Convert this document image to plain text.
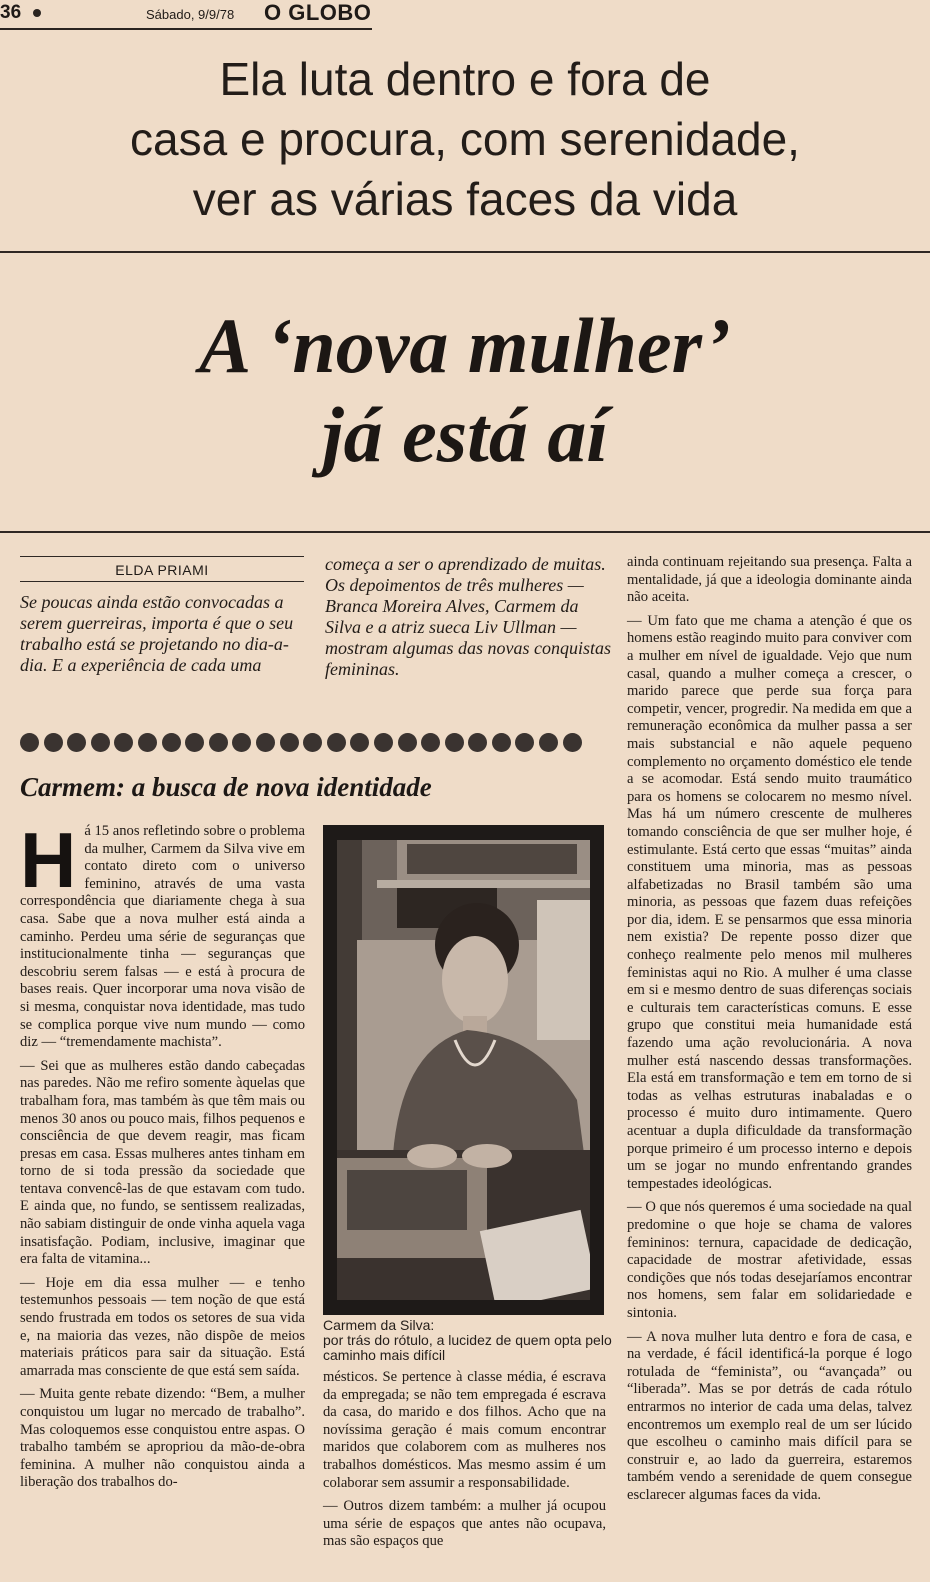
36	Sábado, 9/9/78 O GLOBO
Ela luta dentro e fora de
casa e procura, com serenidade,
ver as várias faces da vida
A ‘nova mulher’
já está aí
ELDA PRIAMI

Se poucas ainda estão convocadas a serem guerreiras, importa é que o seu trabalho está se projetando no dia-a-dia. E a experiência de cada uma

começa a ser o aprendizado de muitas. Os depoimentos de três mulheres — Branca Moreira Alves, Carmem da Silva e a atriz sueca Liv Ullman — mostram algumas das novas conquistas femininas.

Carmem: a busca de nova identidade

Há 15 anos refletindo sobre o problema da mulher, Carmem da Silva vive em contato direto com o universo feminino, através de uma vasta correspondência que diariamente chega à sua casa. Sabe que a nova mulher está ainda a caminho. Perdeu uma série de seguranças que institucionalmente tinha — seguranças que descobriu serem falsas — e está à procura de bases reais. Quer incorporar uma nova visão de si mesma, conquistar nova identidade, mas tudo se complica porque vive num mundo — como diz — “tremendamente machista”.

— Sei que as mulheres estão dando cabeçadas nas paredes. Não me refiro somente àquelas que trabalham fora, mas também às que têm mais ou menos 30 anos ou pouco mais, filhos pequenos e consciência de que devem reagir, mas ficam presas em casa. Essas mulheres antes tinham em torno de si toda pressão da sociedade que tentava convencê-las de que estavam com tudo. E ainda que, no fundo, se sentissem realizadas, não sabiam distinguir de onde vinha aquela vaga insatisfação. Podiam, inclusive, imaginar que era falta de vitamina...

— Hoje em dia essa mulher — e tenho testemunhos pessoais — tem noção de que está sendo frustrada em todos os setores de sua vida e, na maioria das vezes, não dispõe de meios materiais práticos para sair da situação. Está amarrada mas consciente de que está sem saída.

— Muita gente rebate dizendo: “Bem, a mulher conquistou um lugar no mercado de trabalho”. Mas coloquemos esse conquistou entre aspas. O trabalho também se apropriou da mão-de-obra feminina. A mulher não conquistou ainda a liberação dos trabalhos do-

Carmem da Silva:
por trás do rótulo, a lucidez de quem opta pelo caminho mais difícil

mésticos. Se pertence à classe média, é escrava da empregada; se não tem empregada é escrava da casa, do marido e dos filhos. Acho que na novíssima geração é mais comum encontrar maridos que colaborem com as mulheres nos trabalhos domésticos. Mas mesmo assim é um colaborar sem assumir a responsabilidade.

— Outros dizem também: a mulher já ocupou uma série de espaços que antes não ocupava, mas são espaços que

ainda continuam rejeitando sua presença. Falta a mentalidade, já que a ideologia dominante ainda não aceita.

— Um fato que me chama a atenção é que os homens estão reagindo muito para conviver com a mulher em nível de igualdade. Vejo que num casal, quando a mulher começa a crescer, o marido parece que perde sua força para competir, vencer, progredir. Na medida em que a remuneração econômica da mulher passa a ser mais substancial e não aquele pequeno complemento no orçamento doméstico ele tende a se acomodar. Está sendo muito traumático para os homens se colocarem no mesmo nível. Mas há um número crescente de mulheres tomando consciência de que ser mulher hoje, é estimulante. Está certo que essas “muitas” ainda constituem uma minoria, mas as pessoas alfabetizadas no Brasil também são uma minoria, as pessoas que fazem duas refeições por dia, idem. E se pensarmos que essa minoria nem existia? De repente posso dizer que conheço realmente pelo menos mil mulheres feministas aqui no Rio. A mulher é uma classe em si e mesmo dentro de suas diferenças sociais e culturais tem características comuns. E esse grupo que constitui meia humanidade está fazendo uma ação revolucionária. A nova mulher está nascendo dessas transformações. Ela está em transformação e tem em torno de si todas as velhas estruturas inabaladas e o processo é muito duro intimamente. Quero acentuar a dupla dificuldade da transformação porque primeiro é um processo interno e depois um se jogar no mundo enfrentando grandes tempestades ideológicas.

— O que nós queremos é uma sociedade na qual predomine o que hoje se chama de valores femininos: ternura, capacidade de dedicação, capacidade de mostrar afetividade, essas condições que nós todas desejaríamos encontrar nos homens, sem falar em solidariedade e sintonia.

— A nova mulher luta dentro e fora de casa, e na verdade, é fácil identificá-la porque é logo rotulada de “feminista”, ou “avançada” ou “liberada”. Mas se por detrás de cada rótulo entrarmos no interior de cada uma delas, talvez encontremos um exemplo real de um ser lúcido que escolheu o caminho mais difícil para se construir e, ao lado da guerreira, estaremos também vendo a serenidade de quem consegue esclarecer algumas faces da vida.
